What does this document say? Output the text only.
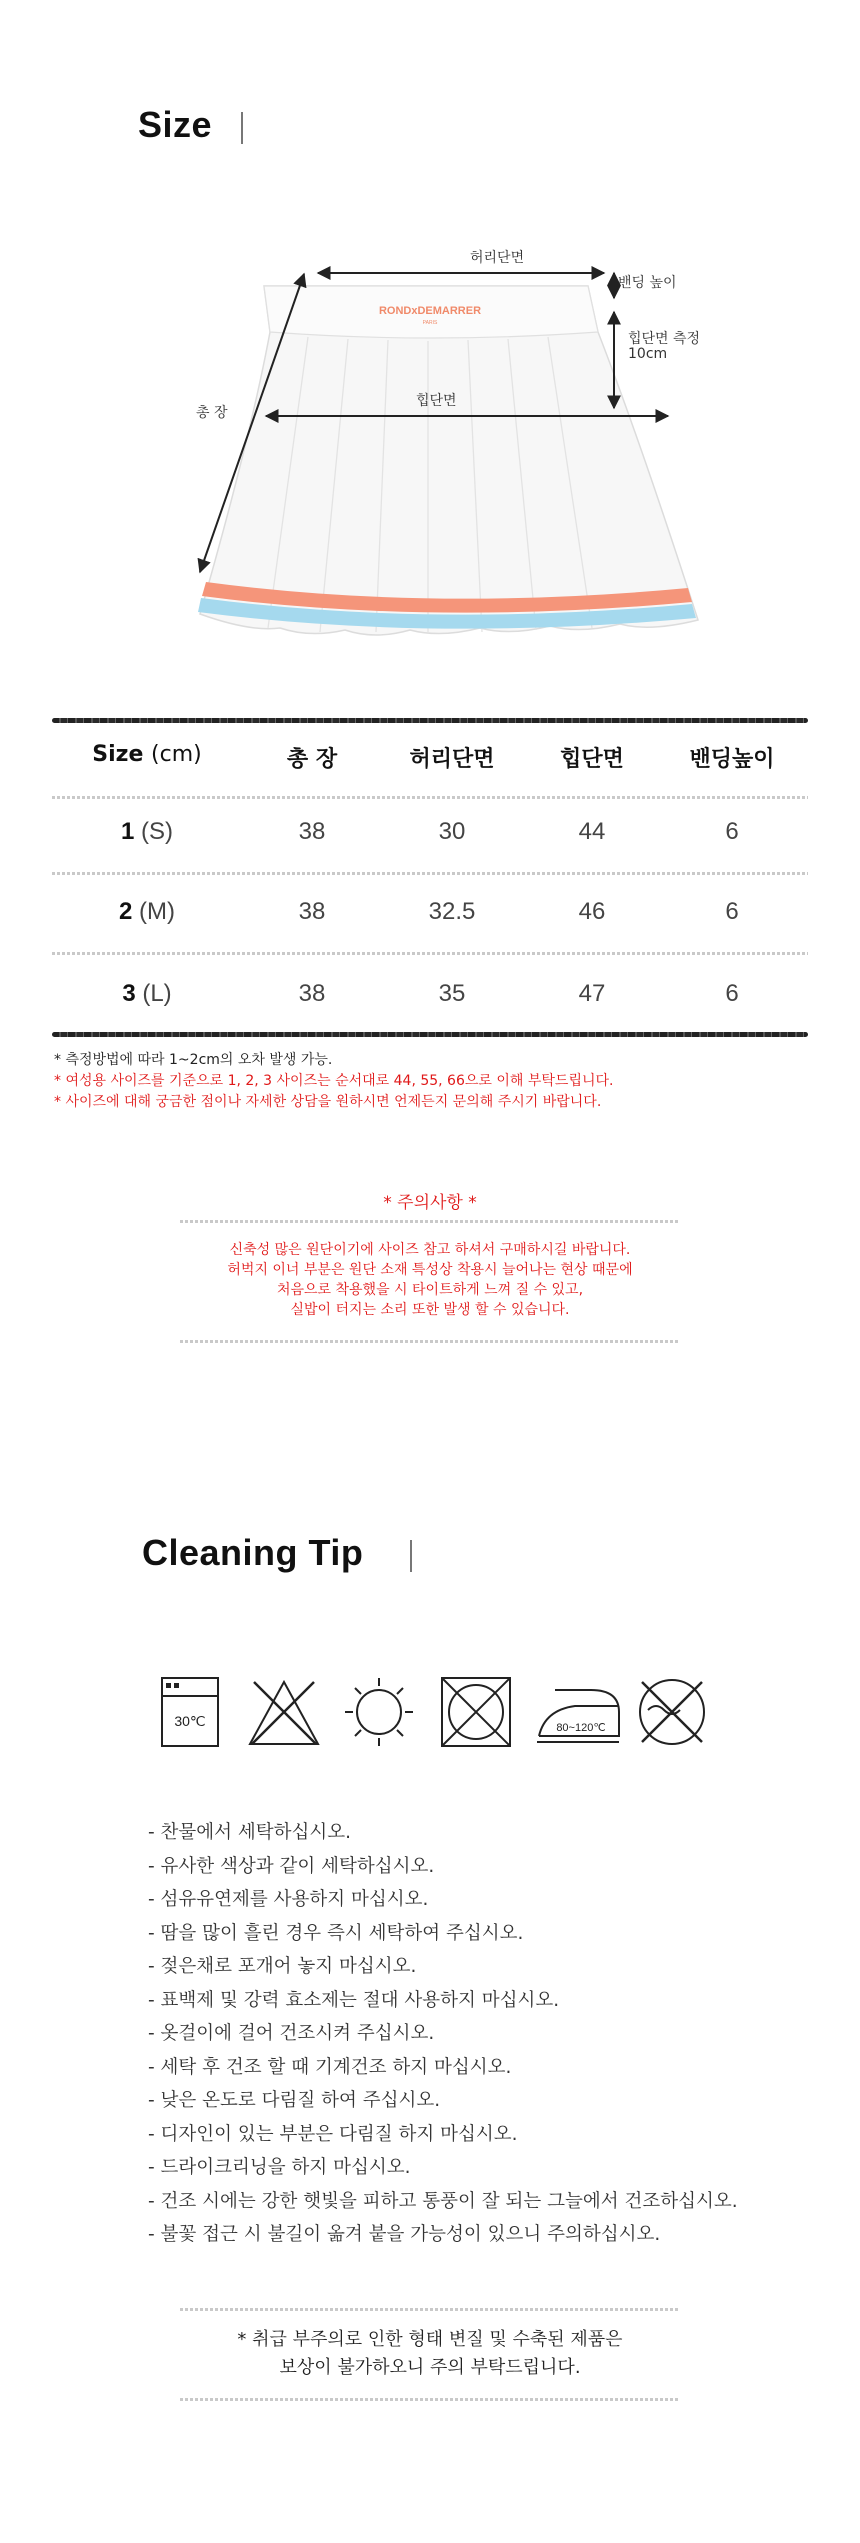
Size
RONDxDEMARRER
PARIS
허리단면
밴딩 높이
힙단면 측정
10cm
힙단면
총 장
Size (cm)	총 장	허리단면	힙단면	밴딩높이
1 (S)	38	30	44	6
2 (M)	38	32.5	46	6
3 (L)	38	35	47	6
* 측정방법에 따라 1~2cm의 오차 발생 가능.
* 여성용 사이즈를 기준으로 1, 2, 3 사이즈는 순서대로 44, 55, 66으로 이해 부탁드립니다.
* 사이즈에 대해 궁금한 점이나 자세한 상담을 원하시면 언제든지 문의해 주시기 바랍니다.
* 주의사항 *
신축성 많은 원단이기에 사이즈 참고 하셔서 구매하시길 바랍니다.
허벅지 이너 부분은 원단 소재 특성상 착용시 늘어나는 현상 때문에
처음으로 착용했을 시 타이트하게 느껴 질 수 있고,
실밥이 터지는 소리 또한 발생 할 수 있습니다.
Cleaning Tip
30℃	80~120℃
- 찬물에서 세탁하십시오.
- 유사한 색상과 같이 세탁하십시오.
- 섬유유연제를 사용하지 마십시오.
- 땀을 많이 흘린 경우 즉시 세탁하여 주십시오.
- 젖은채로 포개어 놓지 마십시오.
- 표백제 및 강력 효소제는 절대 사용하지 마십시오.
- 옷걸이에 걸어 건조시켜 주십시오.
- 세탁 후 건조 할 때 기계건조 하지 마십시오.
- 낮은 온도로 다림질 하여 주십시오.
- 디자인이 있는 부분은 다림질 하지 마십시오.
- 드라이크리닝을 하지 마십시오.
- 건조 시에는 강한 햇빛을 피하고 통풍이 잘 되는 그늘에서 건조하십시오.
- 불꽃 접근 시 불길이 옮겨 붙을 가능성이 있으니 주의하십시오.
* 취급 부주의로 인한 형태 변질 및 수축된 제품은
보상이 불가하오니 주의 부탁드립니다.
